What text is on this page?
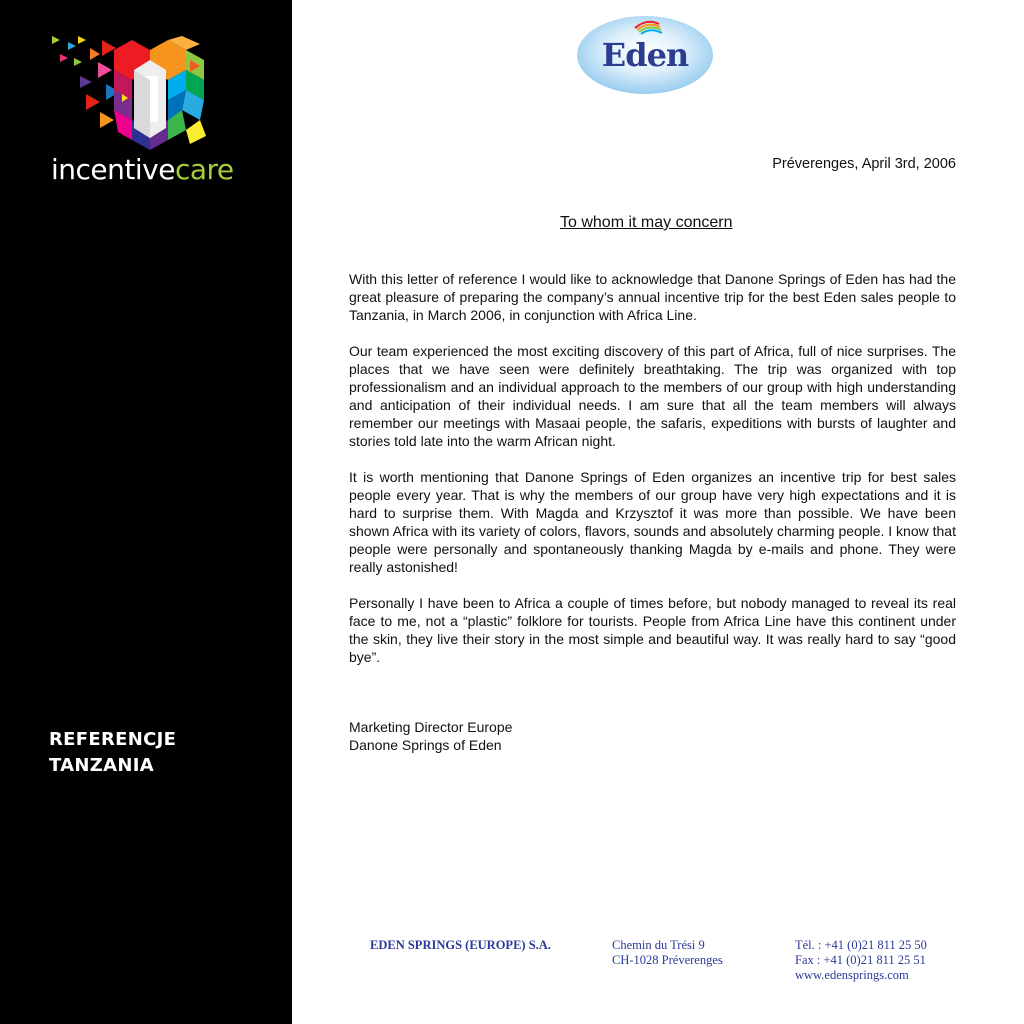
incentivecare
REFERENCJE
TANZANIA
Eden
Préverenges, April 3rd, 2006
To whom it may concern

With this letter of reference I would like to acknowledge that Danone Springs of Eden has had the great pleasure of preparing the company’s annual incentive trip for the best Eden sales people to Tanzania, in March 2006, in conjunction with Africa Line.

Our team experienced the most exciting discovery of this part of Africa, full of nice surprises. The places that we have seen were definitely breathtaking. The trip was organized with top professionalism and an individual approach to the members of our group with high understanding and anticipation of their individual needs. I am sure that all the team members will always remember our meetings with Masaai people, the safaris, expeditions with bursts of laughter and stories told late into the warm African night.

It is worth mentioning that Danone Springs of Eden organizes an incentive trip for best sales people every year. That is why the members of our group have very high expectations and it is hard to surprise them. With Magda and Krzysztof it was more than possible. We have been shown Africa with its variety of colors, flavors, sounds and absolutely charming people. I know that people were personally and spontaneously thanking Magda by e-mails and phone. They were really astonished!

Personally I have been to Africa a couple of times before, but nobody managed to reveal its real face to me, not a “plastic” folklore for tourists. People from Africa Line have this continent under the skin, they live their story in the most simple and beautiful way. It was really hard to say “good bye”.

Marketing Director Europe
Danone Springs of Eden
EDEN SPRINGS (EUROPE) S.A.	Chemin du Trési 9
CH-1028 Préverenges
Tél. : +41 (0)21 811 25 50
Fax : +41 (0)21 811 25 51
www.edensprings.com
